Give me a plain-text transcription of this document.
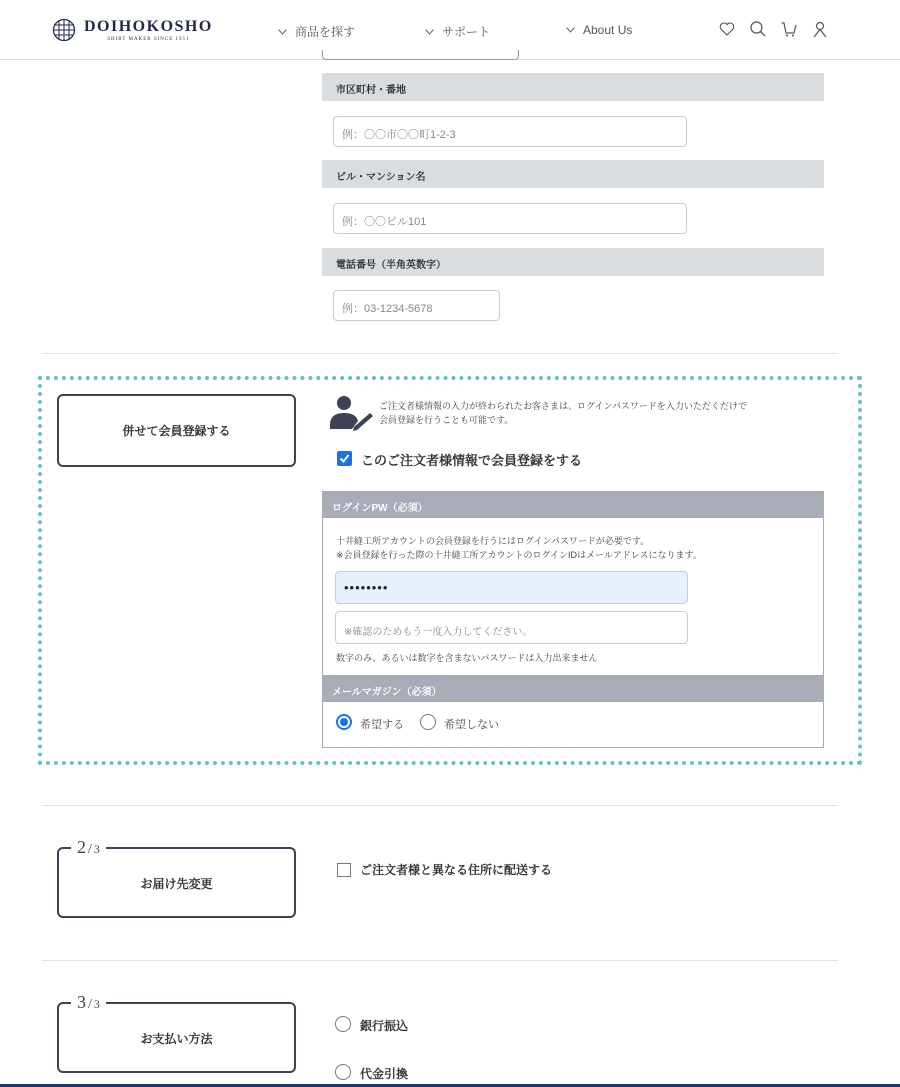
DOIHOKOSHO
SHIRT MAKER SINCE 1951	商品を探す	サポート	About Us
市区町村・番地
例：〇〇市〇〇町1-2-3
ビル・マンション名
例：〇〇ビル101
電話番号（半角英数字）
例：03-1234-5678
併せて会員登録する
ご注文者様情報の入力が終わられたお客さまは、ログインパスワードを入力いただくだけで
会員登録を行うことも可能です。
このご注文者様情報で会員登録をする
ログインPW（必須）
十井縫工所アカウントの会員登録を行うにはログインパスワードが必要です。
※会員登録を行った際の十井縫工所アカウントのログインIDはメールアドレスになります。
••••••••
※確認のためもう一度入力してください。
数字のみ、あるいは数字を含まないパスワードは入力出来ません
メールマガジン（必須）
希望する	希望しない
2 / 3
お届け先変更
ご注文者様と異なる住所に配送する
3 / 3
お支払い方法
銀行振込
代金引換
